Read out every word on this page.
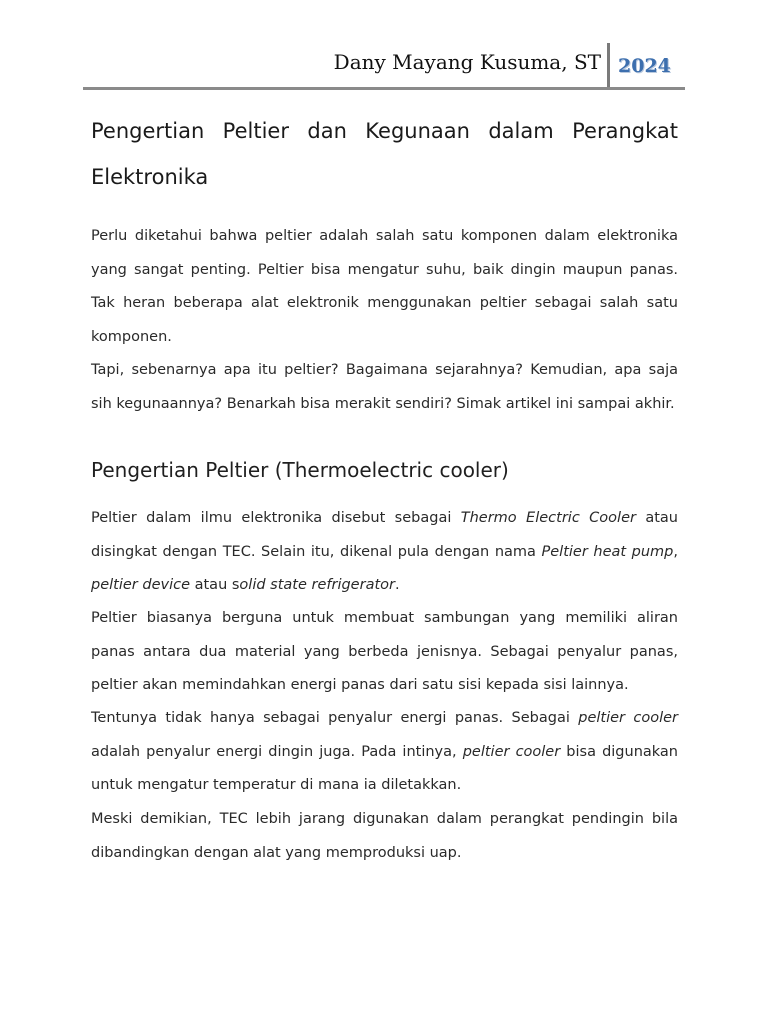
Dany Mayang Kusuma, ST 2024
Pengertian Peltier dan Kegunaan dalam Perangkat Elektronika

Perlu diketahui bahwa peltier adalah salah satu komponen dalam elektronika yang sangat penting. Peltier bisa mengatur suhu, baik dingin maupun panas. Tak heran beberapa alat elektronik menggunakan peltier sebagai salah satu komponen.

Tapi, sebenarnya apa itu peltier? Bagaimana sejarahnya? Kemudian, apa saja sih kegunaannya? Benarkah bisa merakit sendiri? Simak artikel ini sampai akhir.

Pengertian Peltier (Thermoelectric cooler)

Peltier dalam ilmu elektronika disebut sebagai Thermo Electric Cooler atau disingkat dengan TEC. Selain itu, dikenal pula dengan nama Peltier heat pump, peltier device atau solid state refrigerator.

Peltier biasanya berguna untuk membuat sambungan yang memiliki aliran panas antara dua material yang berbeda jenisnya. Sebagai penyalur panas, peltier akan memindahkan energi panas dari satu sisi kepada sisi lainnya.

Tentunya tidak hanya sebagai penyalur energi panas. Sebagai peltier cooler adalah penyalur energi dingin juga. Pada intinya, peltier cooler bisa digunakan untuk mengatur temperatur di mana ia diletakkan.

Meski demikian, TEC lebih jarang digunakan dalam perangkat pendingin bila dibandingkan dengan alat yang memproduksi uap.
